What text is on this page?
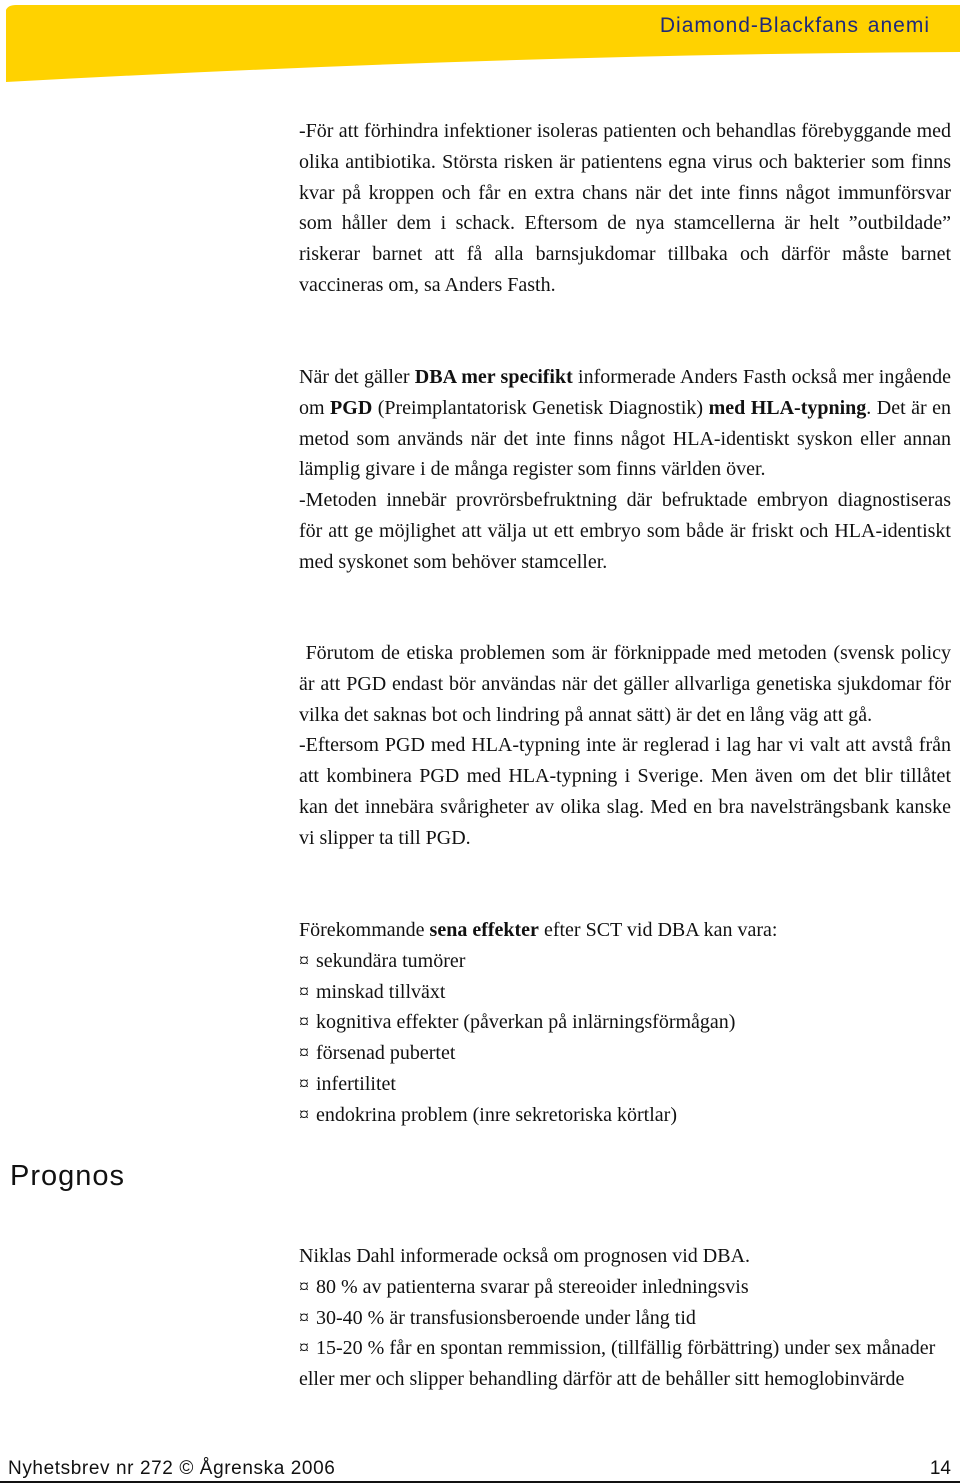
Diamond-Blackfans anemi

-För att förhindra infektioner isoleras patienten och behandlas förebyggande med olika antibiotika. Största risken är patientens egna virus och bakterier som finns kvar på kroppen och får en extra chans när det inte finns något immunförsvar som håller dem i schack. Eftersom de nya stamcellerna är helt ”outbildade” riskerar barnet att få alla barnsjukdomar tillbaka och därför måste barnet vaccineras om, sa Anders Fasth.

När det gäller DBA mer specifikt informerade Anders Fasth också mer ingående om PGD (Preimplantatorisk Genetisk Diagnostik) med HLA-typning. Det är en metod som används när det inte finns något HLA-identiskt syskon eller annan lämplig givare i de många register som finns världen över.

-Metoden innebär provrörsbefruktning där befruktade embryon diagnostiseras för att ge möjlighet att välja ut ett embryo som både är friskt och HLA-identiskt med syskonet som behöver stamceller.

Förutom de etiska problemen som är förknippade med metoden (svensk policy är att PGD endast bör användas när det gäller allvarliga genetiska sjukdomar för vilka det saknas bot och lindring på annat sätt) är det en lång väg att gå.

-Eftersom PGD med HLA-typning inte är reglerad i lag har vi valt att avstå från att kombinera PGD med HLA-typning i Sverige. Men även om det blir tillåtet kan det innebära svårigheter av olika slag. Med en bra navelsträngsbank kanske vi slipper ta till PGD.

Förekommande sena effekter efter SCT vid DBA kan vara:

¤ sekundära tumörer
¤ minskad tillväxt
¤ kognitiva effekter (påverkan på inlärningsförmågan)
¤ försenad pubertet
¤ infertilitet
¤ endokrina problem (inre sekretoriska körtlar)
Prognos

Niklas Dahl informerade också om prognosen vid DBA.

¤ 80 % av patienterna svarar på stereoider inledningsvis
¤ 30-40 % är transfusionsberoende under lång tid
¤ 15-20 % får en spontan remmission, (tillfällig förbättring) under sex månader eller mer och slipper behandling därför att de behåller sitt hemoglobinvärde
Nyhetsbrev nr 272 © Ågrenska 2006	14
